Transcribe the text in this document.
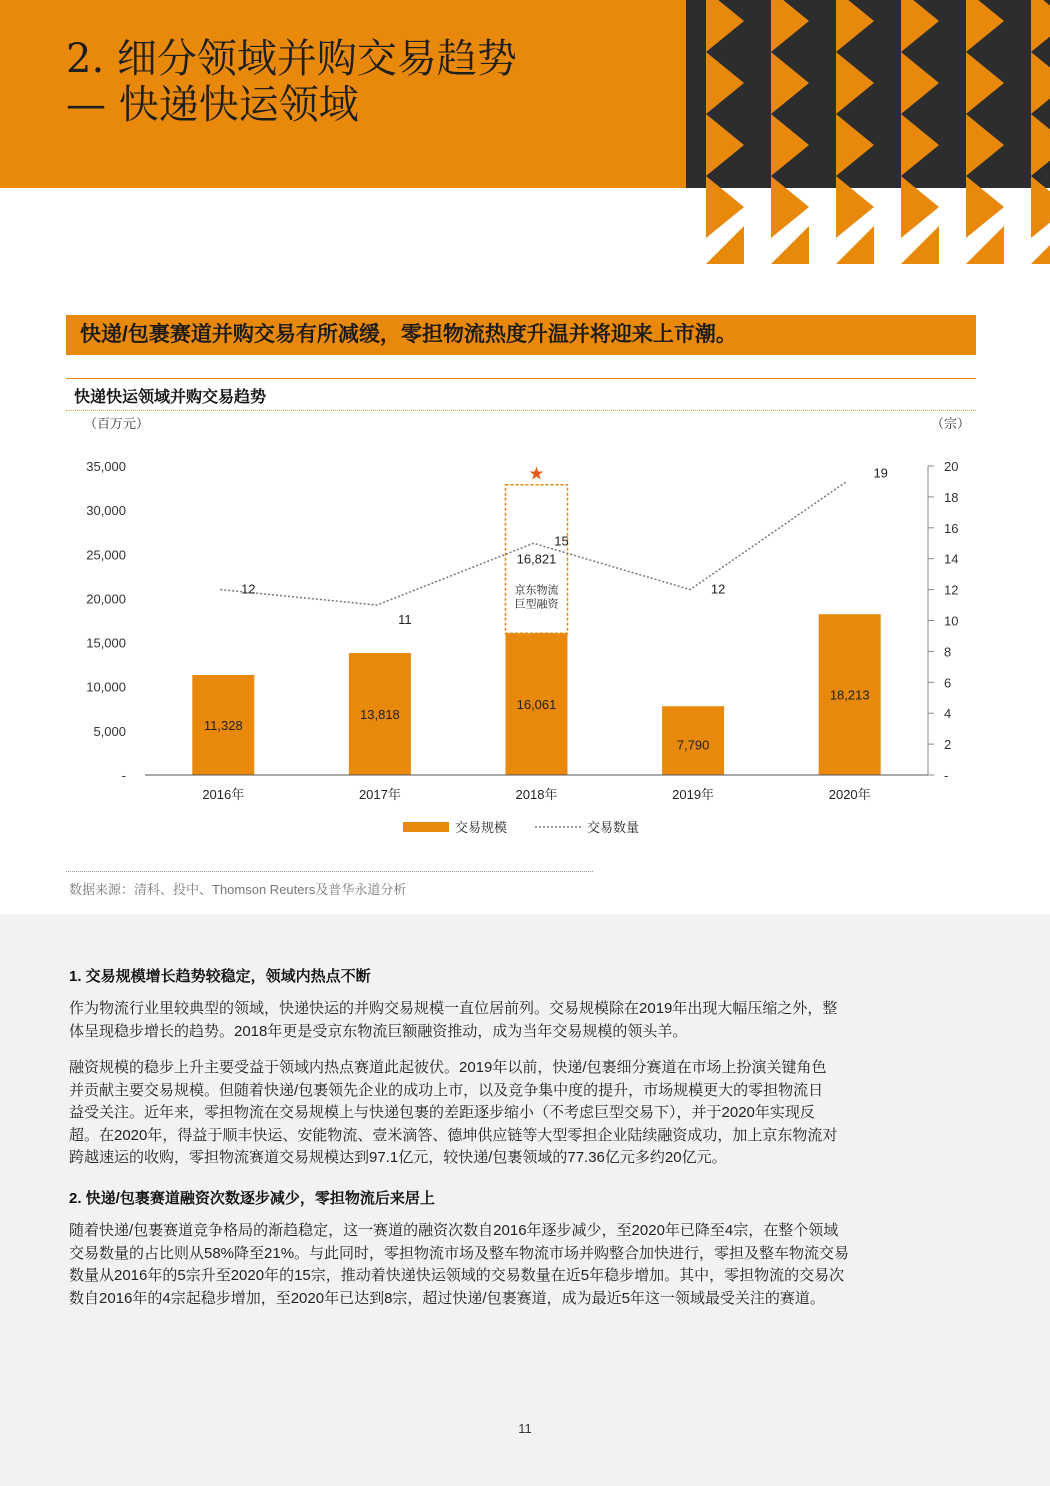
2. 细分领域并购交易趋势
— 快递快运领域
快递/包裹赛道并购交易有所减缓，零担物流热度升温并将迎来上市潮。
快递快运领域并购交易趋势
（百万元）	（宗）
-
5,000
10,000
15,000
20,000
25,000
30,000
35,000
-
2
4
6
8
10
12
14
16
18
20
11,328
13,818
16,061
7,790
18,213
★
16,821
京东物流
巨型融资
12
11
15
12
19
2016年	2017年	2018年	2019年	2020年
交易规模	交易数量
数据来源：清科、投中、Thomson Reuters及普华永道分析
1. 交易规模增长趋势较稳定，领域内热点不断

作为物流行业里较典型的领域，快递快运的并购交易规模一直位居前列。交易规模除在2019年出现大幅压缩之外，整
体呈现稳步增长的趋势。2018年更是受京东物流巨额融资推动，成为当年交易规模的领头羊。

融资规模的稳步上升主要受益于领域内热点赛道此起彼伏。2019年以前，快递/包裹细分赛道在市场上扮演关键角色
并贡献主要交易规模。但随着快递/包裹领先企业的成功上市，以及竞争集中度的提升，市场规模更大的零担物流日
益受关注。近年来，零担物流在交易规模上与快递包裹的差距逐步缩小（不考虑巨型交易下），并于2020年实现反
超。在2020年，得益于顺丰快运、安能物流、壹米滴答、德坤供应链等大型零担企业陆续融资成功，加上京东物流对
跨越速运的收购，零担物流赛道交易规模达到97.1亿元，较快递/包裹领域的77.36亿元多约20亿元。

2. 快递/包裹赛道融资次数逐步减少，零担物流后来居上

随着快递/包裹赛道竞争格局的渐趋稳定，这一赛道的融资次数自2016年逐步减少，至2020年已降至4宗，在整个领域
交易数量的占比则从58%降至21%。与此同时，零担物流市场及整车物流市场并购整合加快进行，零担及整车物流交易
数量从2016年的5宗升至2020年的15宗，推动着快递快运领域的交易数量在近5年稳步增加。其中，零担物流的交易次
数自2016年的4宗起稳步增加，至2020年已达到8宗，超过快递/包裹赛道，成为最近5年这一领域最受关注的赛道。

11
